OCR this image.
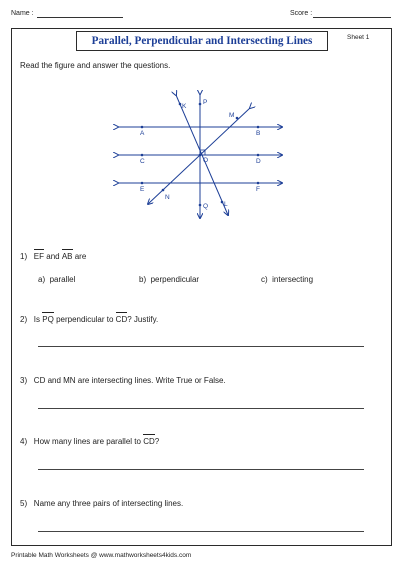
Name :	Score :
Parallel, Perpendicular and Intersecting Lines	Sheet 1
Read the figure and answer the questions.
K
P
M
A	B
C	O	D
E	F
N
Q L
1) EF and AB are
a) parallel	b) perpendicular	c) intersecting
2) Is PQ perpendicular to CD? Justify.
3) CD and MN are intersecting lines. Write True or False.
4) How many lines are parallel to CD?
5) Name any three pairs of intersecting lines.
Printable Math Worksheets @ www.mathworksheets4kids.com
